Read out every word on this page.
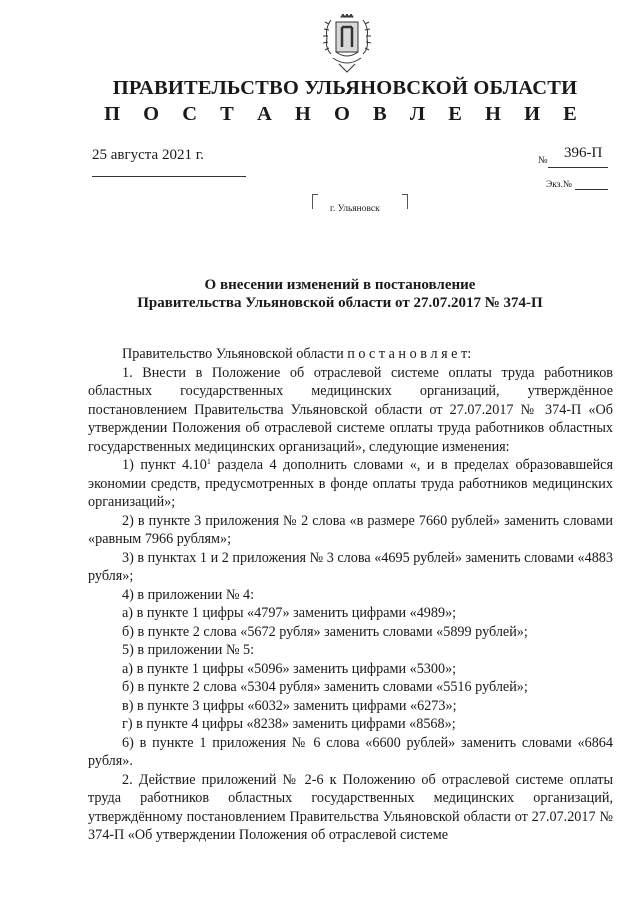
ПРАВИТЕЛЬСТВО УЛЬЯНОВСКОЙ ОБЛАСТИ
П О С Т А Н О В Л Е Н И Е
25 августа 2021 г.	№ 396-П
Экз.№
г. Ульяновск
О внесении изменений в постановление
Правительства Ульяновской области от 27.07.2017 № 374-П

Правительство Ульяновской области п о с т а н о в л я е т:

1. Внести в Положение об отраслевой системе оплаты труда работников областных государственных медицинских организаций, утверждённое постановлением Правительства Ульяновской области от 27.07.2017 № 374-П «Об утверждении Положения об отраслевой системе оплаты труда работников областных государственных медицинских организаций», следующие изменения:

1) пункт 4.10$^1$ раздела 4 дополнить словами «, и в пределах образовавшейся экономии средств, предусмотренных в фонде оплаты труда работников медицинских организаций»;

2) в пункте 3 приложения № 2 слова «в размере 7660 рублей» заменить словами «равным 7966 рублям»;

3) в пунктах 1 и 2 приложения № 3 слова «4695 рублей» заменить словами «4883 рубля»;

4) в приложении № 4:

а) в пункте 1 цифры «4797» заменить цифрами «4989»;

б) в пункте 2 слова «5672 рубля» заменить словами «5899 рублей»;

5) в приложении № 5:

а) в пункте 1 цифры «5096» заменить цифрами «5300»;

б) в пункте 2 слова «5304 рубля» заменить словами «5516 рублей»;

в) в пункте 3 цифры «6032» заменить цифрами «6273»;

г) в пункте 4 цифры «8238» заменить цифрами «8568»;

6) в пункте 1 приложения № 6 слова «6600 рублей» заменить словами «6864 рубля».

2. Действие приложений № 2-6 к Положению об отраслевой системе оплаты труда работников областных государственных медицинских организаций, утверждённому постановлением Правительства Ульяновской области от 27.07.2017 № 374-П «Об утверждении Положения об отраслевой системе
